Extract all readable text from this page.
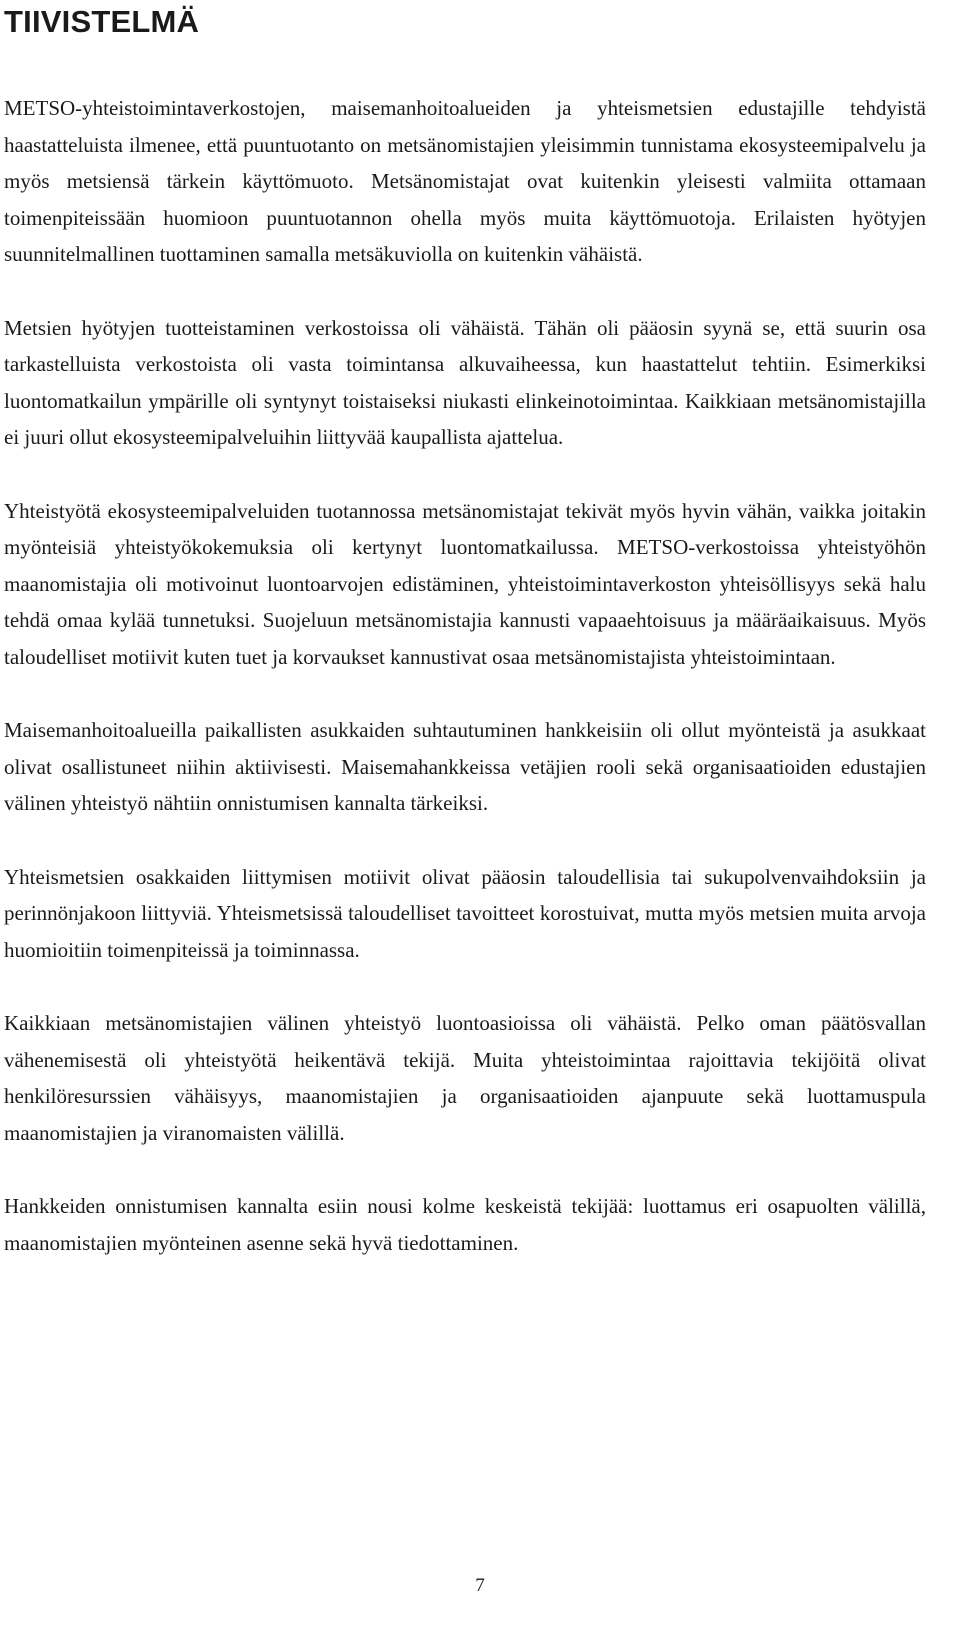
TIIVISTELMÄ

METSO-yhteistoimintaverkostojen, maisemanhoitoalueiden ja yhteismetsien edustajille tehdyistä haastatteluista ilmenee, että puuntuotanto on metsänomistajien yleisimmin tunnistama ekosysteemipalvelu ja myös metsiensä tärkein käyttömuoto. Metsänomistajat ovat kuitenkin yleisesti valmiita ottamaan toimenpiteissään huomioon puuntuotannon ohella myös muita käyttömuotoja. Erilaisten hyötyjen suunnitelmallinen tuottaminen samalla metsäkuviolla on kuitenkin vähäistä.

Metsien hyötyjen tuotteistaminen verkostoissa oli vähäistä. Tähän oli pääosin syynä se, että suurin osa tarkastelluista verkostoista oli vasta toimintansa alkuvaiheessa, kun haastattelut tehtiin. Esimerkiksi luontomatkailun ympärille oli syntynyt toistaiseksi niukasti elinkeinotoimintaa. Kaikkiaan metsänomistajilla ei juuri ollut ekosysteemipalveluihin liittyvää kaupallista ajattelua.

Yhteistyötä ekosysteemipalveluiden tuotannossa metsänomistajat tekivät myös hyvin vähän, vaikka joitakin myönteisiä yhteistyökokemuksia oli kertynyt luontomatkailussa. METSO-verkostoissa yhteistyöhön maanomistajia oli motivoinut luontoarvojen edistäminen, yhteistoimintaverkoston yhteisöllisyys sekä halu tehdä omaa kylää tunnetuksi. Suojeluun metsänomistajia kannusti vapaaehtoisuus ja määräaikaisuus. Myös taloudelliset motiivit kuten tuet ja korvaukset kannustivat osaa metsänomistajista yhteistoimintaan.

Maisemanhoitoalueilla paikallisten asukkaiden suhtautuminen hankkeisiin oli ollut myönteistä ja asukkaat olivat osallistuneet niihin aktiivisesti. Maisemahankkeissa vetäjien rooli sekä organisaatioiden edustajien välinen yhteistyö nähtiin onnistumisen kannalta tärkeiksi.

Yhteismetsien osakkaiden liittymisen motiivit olivat pääosin taloudellisia tai sukupolvenvaihdoksiin ja perinnönjakoon liittyviä. Yhteismetsissä taloudelliset tavoitteet korostuivat, mutta myös metsien muita arvoja huomioitiin toimenpiteissä ja toiminnassa.

Kaikkiaan metsänomistajien välinen yhteistyö luontoasioissa oli vähäistä. Pelko oman päätösvallan vähenemisestä oli yhteistyötä heikentävä tekijä. Muita yhteistoimintaa rajoittavia tekijöitä olivat henkilöresurssien vähäisyys, maanomistajien ja organisaatioiden ajanpuute sekä luottamuspula maanomistajien ja viranomaisten välillä.

Hankkeiden onnistumisen kannalta esiin nousi kolme keskeistä tekijää: luottamus eri osapuolten välillä, maanomistajien myönteinen asenne sekä hyvä tiedottaminen.

7
